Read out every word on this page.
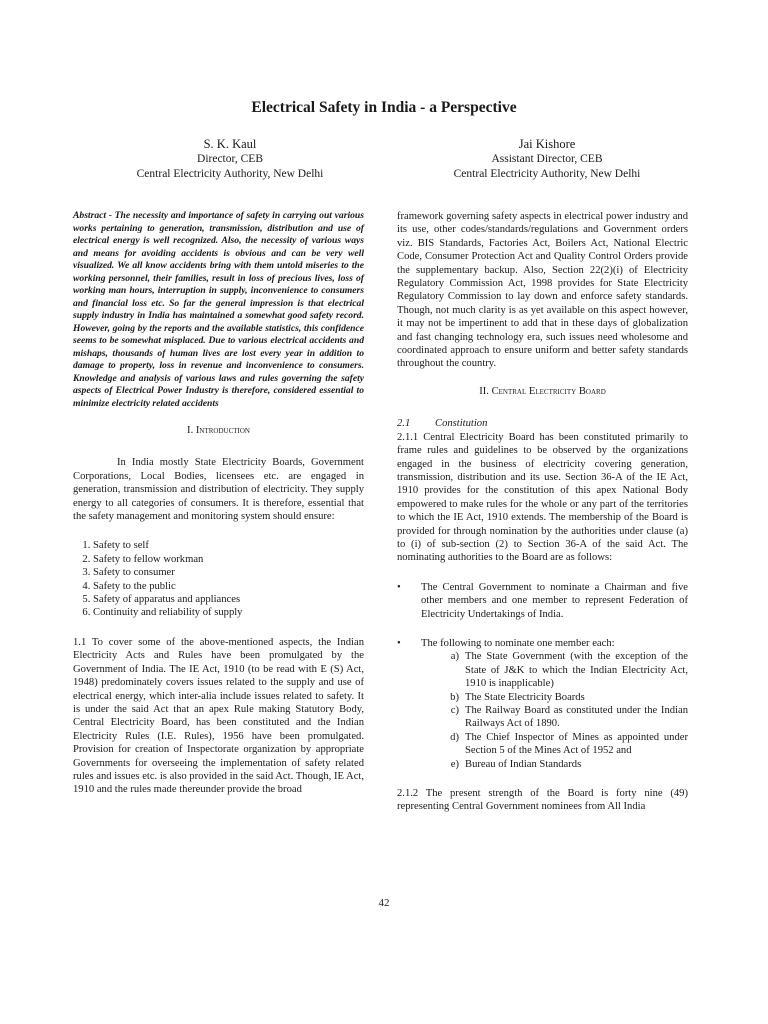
Electrical Safety in India - a Perspective
S. K. Kaul
Director, CEB
Central Electricity Authority, New Delhi
Jai Kishore
Assistant Director, CEB
Central Electricity Authority, New Delhi

Abstract - The necessity and importance of safety in carrying out various works pertaining to generation, transmission, distribution and use of electrical energy is well recognized. Also, the necessity of various ways and means for avoiding accidents is obvious and can be very well visualized. We all know accidents bring with them untold miseries to the working personnel, their families, result in loss of precious lives, loss of working man hours, interruption in supply, inconvenience to consumers and financial loss etc. So far the general impression is that electrical supply industry in India has maintained a somewhat good safety record. However, going by the reports and the available statistics, this confidence seems to be somewhat misplaced. Due to various electrical accidents and mishaps, thousands of human lives are lost every year in addition to damage to property, loss in revenue and inconvenience to consumers. Knowledge and analysis of various laws and rules governing the safety aspects of Electrical Power Industry is therefore, considered essential to minimize electricity related accidents

I. Introduction

In India mostly State Electricity Boards, Government Corporations, Local Bodies, licensees etc. are engaged in generation, transmission and distribution of electricity. They supply energy to all categories of consumers. It is therefore, essential that the safety management and monitoring system should ensure:

1. Safety to self
2. Safety to fellow workman
3. Safety to consumer
4. Safety to the public
5. Safety of apparatus and appliances
6. Continuity and reliability of supply

1.1 To cover some of the above-mentioned aspects, the Indian Electricity Acts and Rules have been promulgated by the Government of India. The IE Act, 1910 (to be read with E (S) Act, 1948) predominately covers issues related to the supply and use of electrical energy, which inter-alia include issues related to safety. It is under the said Act that an apex Rule making Statutory Body, Central Electricity Board, has been constituted and the Indian Electricity Rules (I.E. Rules), 1956 have been promulgated. Provision for creation of Inspectorate organization by appropriate Governments for overseeing the implementation of safety related rules and issues etc. is also provided in the said Act. Though, IE Act, 1910 and the rules made thereunder provide the broad

framework governing safety aspects in electrical power industry and its use, other codes/standards/regulations and Government orders viz. BIS Standards, Factories Act, Boilers Act, National Electric Code, Consumer Protection Act and Quality Control Orders provide the supplementary backup. Also, Section 22(2)(i) of Electricity Regulatory Commission Act, 1998 provides for State Electricity Regulatory Commission to lay down and enforce safety standards. Though, not much clarity is as yet available on this aspect however, it may not be impertinent to add that in these days of globalization and fast changing technology era, such issues need wholesome and coordinated approach to ensure uniform and better safety standards throughout the country.

II. Central Electricity Board
2.1	Constitution

2.1.1 Central Electricity Board has been constituted primarily to frame rules and guidelines to be observed by the organizations engaged in the business of electricity covering generation, transmission, distribution and its use. Section 36-A of the IE Act, 1910 provides for the constitution of this apex National Body empowered to make rules for the whole or any part of the territories to which the IE Act, 1910 extends. The membership of the Board is provided for through nomination by the authorities under clause (a) to (i) of sub-section (2) to Section 36-A of the said Act. The nominating authorities to the Board are as follows:

•	The Central Government to nominate a Chairman and five other members and one member to represent Federation of Electricity Undertakings of India.
•	The following to nominate one member each:
a) The State Government (with the exception of the State of J&K to which the Indian Electricity Act, 1910 is inapplicable)
b) The State Electricity Boards
c) The Railway Board as constituted under the Indian Railways Act of 1890.
d) The Chief Inspector of Mines as appointed under Section 5 of the Mines Act of 1952 and
e) Bureau of Indian Standards

2.1.2 The present strength of the Board is forty nine (49) representing Central Government nominees from All India

42
